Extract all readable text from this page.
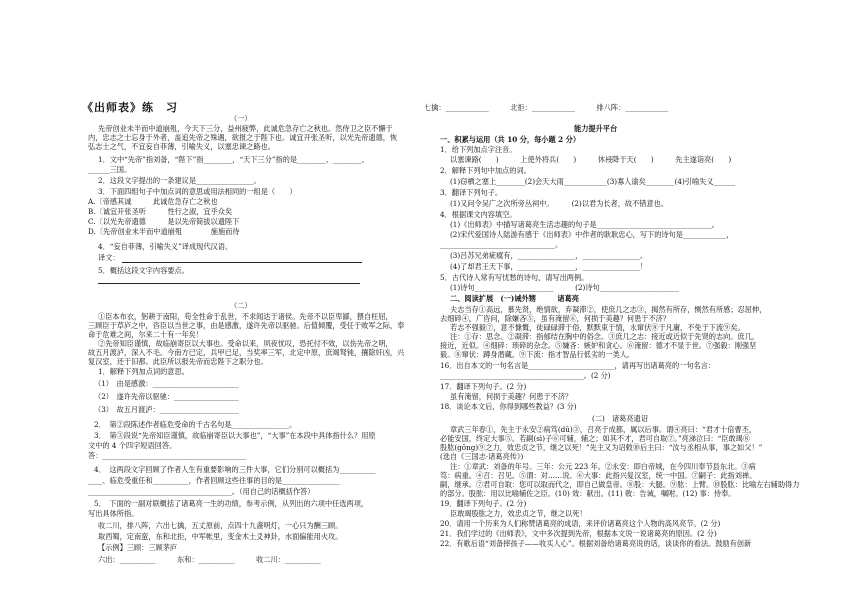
《出师表》练　习
（一）
先帝创业未半而中道崩殂，今天下三分，益州疲弊，此诚危急存亡之秋也。然侍卫之臣不懈于
内，忠志之士忘身于外者，盖追先帝之殊遇，欲报之于陛下也。诚宜开张圣听，以光先帝遗德，恢
弘志士之气，不宜妄自菲薄，引喻失义，以塞忠谏之路也。
1．文中“先帝”指刘备，“陛下”指________，“天下三分”指的是________、________、
______三国。
2．这段文字提出的一条建议是________________。
3．下面四组句子中加点词的意思或用法相同的一组是（　　）
A.〔帝感其诚　　　此诚危急存亡之秋也
B.〔诚宜开张圣听　　　性行之淑，宜乎众矣
C.〔以光先帝遗德　　　是以先帝简拔以遗陛下
D.〔先帝创业未半而中道崩殂　　　　施施而待
4．“妄自菲薄，引喻失义”译成现代汉语。
译文：
5．概括这段文字内容要点。
（二）
①臣本布衣，躬耕于南阳，苟全性命于乱世，不求闻达于诸侯。先帝不以臣卑鄙，猥自枉屈，
三顾臣于草庐之中，咨臣以当世之事，由是感激，遂许先帝以驱驰。后值倾覆，受任于败军之际，奉
命于危难之间，尔来二十有一年矣！
②先帝知臣谨慎，故临崩寄臣以大事也。受命以来，夙夜忧叹，恐托付不效，以伤先帝之明，
故五月渡泸，深入不毛。今南方已定，兵甲已足，当奖率三军，北定中原，庶竭驽钝，攘除奸凶，兴
复汉室，还于旧都。此臣所以报先帝而忠陛下之职分也。
1．解释下列加点词的意思。
（1）　由是感激：________________________
（2）　遂许先帝以驱驰：__________________
（3）　故五月渡泸：______________________
2．　第②段陈述作者临危受命的千古名句是________________。
3．　第③段说“先帝知臣谨慎，故临崩寄臣以大事也”，“大事”在本段中具体指什么？用原
文中的 4 个四字短语回答。
答：________________________________________
4．　这两段文字回顾了作者人生有重要影响的三件大事，它们分别可以概括为__________
____、临危受重任和__________，作者回顾这些往事的目的是________________
________________________________________。（用自己的话概括作答）
5．　下面的一副对联概括了诸葛亮一生的功绩，参考示例，从列出的六项中任选两项，
写出具体所指。
收二川，排八阵，六出七擒，五丈原前，点四十九盏明灯，一心只为酬三顾。
取西蜀，定南蛮，东和北拒，中军帐里，变金木土爻神卦，水面偏能用火攻。
【示例】三顾：三顾茅庐
六出：__________　　　东和：__________　　　收二川：__________
七擒：____________　　　北拒：____________　　　排八阵：____________
能力提升平台
一、积累与运用（共 10 分，每小题 2 分）
1．给下列加点字注音。
以塞谏路(　　)　　　上使外将兵(　　)　　　休祲降于天(　　)　　　先主遂诣亮(　　)
2．解释下列句中加点的词。
(1)窃栖之塞上________(2)会天大雨____________(3)寡人谕矣________(4)引喻失义______
3．翻译下列句子。
(1)又问令吴广之次所旁丛祠中。　　　(2)以君为长者，故不错意也。
4．根据课文内容填空。
(1)《出师表》中描写诸葛亮生活志趣的句子是________________________________。
(2)宋代爱国诗人陆游有感于《出师表》中作者的耿耿忠心，写下的诗句是____________，
________________________________。
(3)吕苏兄弟疵瘼有，________________，________________。
(4)了却君王天下事，________________，________________！
5．古代诗人常有写忧愁的诗句，请写出两例。
(1)诗句______________________　　　(2)诗句______________________
二、阅读扩展　(一)诫外甥　　　诸葛亮
夫志当存①高远，慕先贤，绝情欲，弃凝滞②，使庶几之志③，揭然有所存，恻然有所感；忍屈伸，
去细碎④，广咨问，除嫌吝⑤，虽有淹留⑥，何损于美趣？何患于不济？
若志不强毅⑦，意不慷慨，徒碌碌滞于俗，默默束于情，永窜伏⑧于凡庸，不免于下流⑨矣。
注：①存：思念。②凝滞：指郁结在胸中的俗念。③庶几之志：接近或近似于先贤的志向。庶几，
接近，近似。④细碎：琐碎的杂念。⑤嫌吝：嫉妒和贪心。⑥淹留：德才不显于世。⑦强毅：刚强坚
毅。⑧窜伏：蹲身潜藏。⑨下流：指才智品行低劣的一类人。
16．出自本文的一句名言是________________________，请再写出诸葛亮的一句名言：
________________________________________。(2 分)
17．翻译下列句子。(2 分)
虽有淹留，何损于美趣？何患于不济？
18．谈论本文后，你得到哪些教益？(3 分)
(二)　诸葛亮遗诏
章武三年春①，先主于永安②病笃(dǔ)③，召亮于成都，属以后事。谓④亮曰：“君才十倍曹丕，
必能安国，终定大事⑤。若嗣(sì)子⑥可辅，辅之；如其不才，君可自取⑦。”亮涕泣曰：“臣敢竭⑧
股肱(gōng)⑨之力，效忠贞之节，继之以死！”先主又为诏敕⑩后主曰：“汝与丞相从事，事之如父！”
(选自《三国志·诸葛亮传》)
注：①章武：刘备的年号。三年：公元 223 年。②永安：即白帝城，在今四川奉节县东北。③病
笃：病重。④召：召见。⑤谓：对……说。⑥大事：此指兴复汉室，统一中国。⑦嗣子：此指刘禅。
嗣，继承。⑦君可自取：您可以取而代之，即自己做皇帝。⑧股：大腿。⑨肱：上臂。⑩股肱：比喻左右辅助得力
的部分。股肱：用以比喻辅佐之臣。(10) 效：献出。(11) 敕：告诫，嘱咐。(12) 事：侍奉。
19．翻译下列句子。(2 分)
臣敢竭股肱之力，效忠贞之节，继之以死！
20．请用一个历来为人们称赞诸葛亮的成语，来评价诸葛亮这个人物的高风亮节。(2 分)
21．我们学过的《出师表》，文中多次提到先帝，根据本文说一说诸葛亮的原因。(2 分)
22．有歌后语“刘备摔孩子——收买人心”。根据刘备给诸葛亮说的话，谈谈你的看法。鼓励有创新
